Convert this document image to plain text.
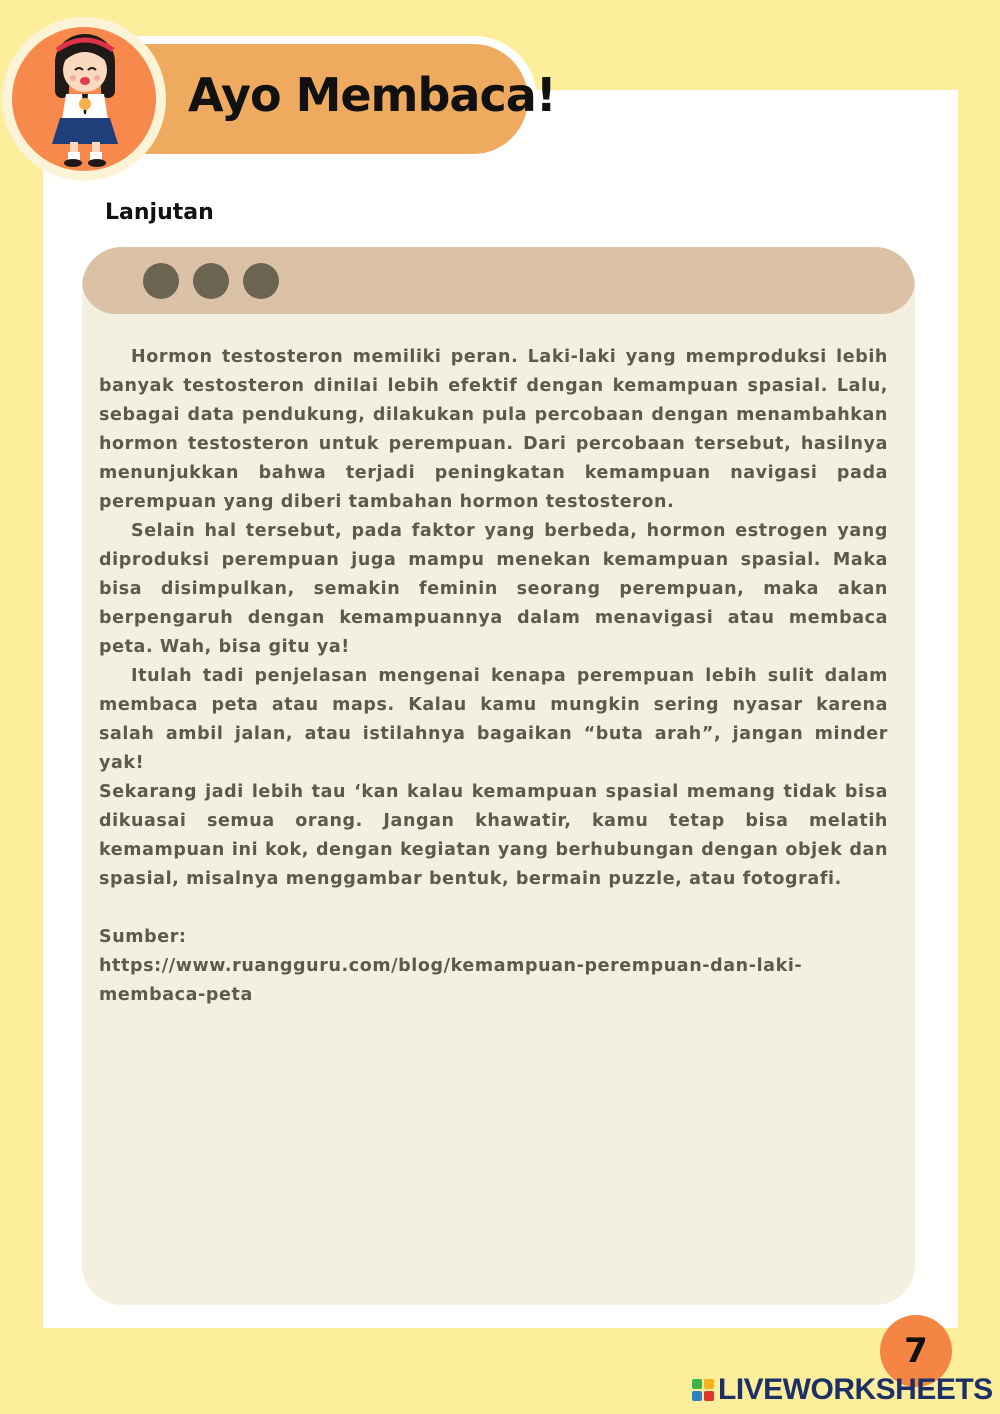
Ayo Membaca!
Lanjutan

Hormon testosteron memiliki peran. Laki-laki yang memproduksi lebih banyak testosteron dinilai lebih efektif dengan kemampuan spasial. Lalu, sebagai data pendukung, dilakukan pula percobaan dengan menambahkan hormon testosteron untuk perempuan. Dari percobaan tersebut, hasilnya menunjukkan bahwa terjadi peningkatan kemampuan navigasi pada perempuan yang diberi tambahan hormon testosteron.

Selain hal tersebut, pada faktor yang berbeda, hormon estrogen yang diproduksi perempuan juga mampu menekan kemampuan spasial. Maka bisa disimpulkan, semakin feminin seorang perempuan, maka akan berpengaruh dengan kemampuannya dalam menavigasi atau membaca peta. Wah, bisa gitu ya!

Itulah tadi penjelasan mengenai kenapa perempuan lebih sulit dalam membaca peta atau maps. Kalau kamu mungkin sering nyasar karena salah ambil jalan, atau istilahnya bagaikan “buta arah”, jangan minder yak!

Sekarang jadi lebih tau ‘kan kalau kemampuan spasial memang tidak bisa dikuasai semua orang. Jangan khawatir, kamu tetap bisa melatih kemampuan ini kok, dengan kegiatan yang berhubungan dengan objek dan spasial, misalnya menggambar bentuk, bermain puzzle, atau fotografi.

Sumber:

https://www.ruangguru.com/blog/kemampuan-perempuan-dan-laki-
membaca-peta

7
LIVEWORKSHEETS
